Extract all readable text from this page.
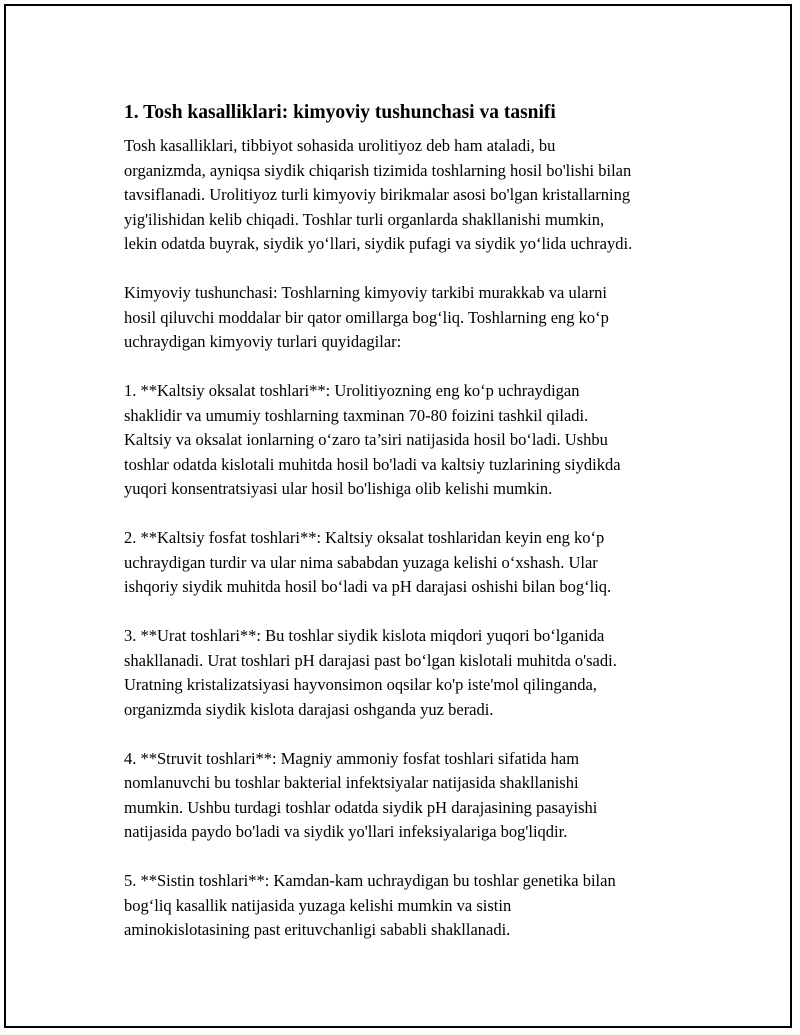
1. Tosh kasalliklari: kimyoviy tushunchasi va tasnifi

Tosh kasalliklari, tibbiyot sohasida urolitiyoz deb ham ataladi, bu
organizmda, ayniqsa siydik chiqarish tizimida toshlarning hosil bo'lishi bilan
tavsiflanadi. Urolitiyoz turli kimyoviy birikmalar asosi bo'lgan kristallarning
yig'ilishidan kelib chiqadi. Toshlar turli organlarda shakllanishi mumkin,
lekin odatda buyrak, siydik yo‘llari, siydik pufagi va siydik yo‘lida uchraydi.

Kimyoviy tushunchasi: Toshlarning kimyoviy tarkibi murakkab va ularni
hosil qiluvchi moddalar bir qator omillarga bog‘liq. Toshlarning eng ko‘p
uchraydigan kimyoviy turlari quyidagilar:

1. **Kaltsiy oksalat toshlari**: Urolitiyozning eng ko‘p uchraydigan
shaklidir va umumiy toshlarning taxminan 70-80 foizini tashkil qiladi.
Kaltsiy va oksalat ionlarning o‘zaro ta’siri natijasida hosil bo‘ladi. Ushbu
toshlar odatda kislotali muhitda hosil bo'ladi va kaltsiy tuzlarining siydikda
yuqori konsentratsiyasi ular hosil bo'lishiga olib kelishi mumkin.

2. **Kaltsiy fosfat toshlari**: Kaltsiy oksalat toshlaridan keyin eng ko‘p
uchraydigan turdir va ular nima sababdan yuzaga kelishi o‘xshash. Ular
ishqoriy siydik muhitda hosil bo‘ladi va pH darajasi oshishi bilan bog‘liq.

3. **Urat toshlari**: Bu toshlar siydik kislota miqdori yuqori bo‘lganida
shakllanadi. Urat toshlari pH darajasi past bo‘lgan kislotali muhitda o'sadi.
Uratning kristalizatsiyasi hayvonsimon oqsilar ko'p iste'mol qilinganda,
organizmda siydik kislota darajasi oshganda yuz beradi.

4. **Struvit toshlari**: Magniy ammoniy fosfat toshlari sifatida ham
nomlanuvchi bu toshlar bakterial infektsiyalar natijasida shakllanishi
mumkin. Ushbu turdagi toshlar odatda siydik pH darajasining pasayishi
natijasida paydo bo'ladi va siydik yo'llari infeksiyalariga bog'liqdir.

5. **Sistin toshlari**: Kamdan-kam uchraydigan bu toshlar genetika bilan
bog‘liq kasallik natijasida yuzaga kelishi mumkin va sistin
aminokislotasining past erituvchanligi sababli shakllanadi.
